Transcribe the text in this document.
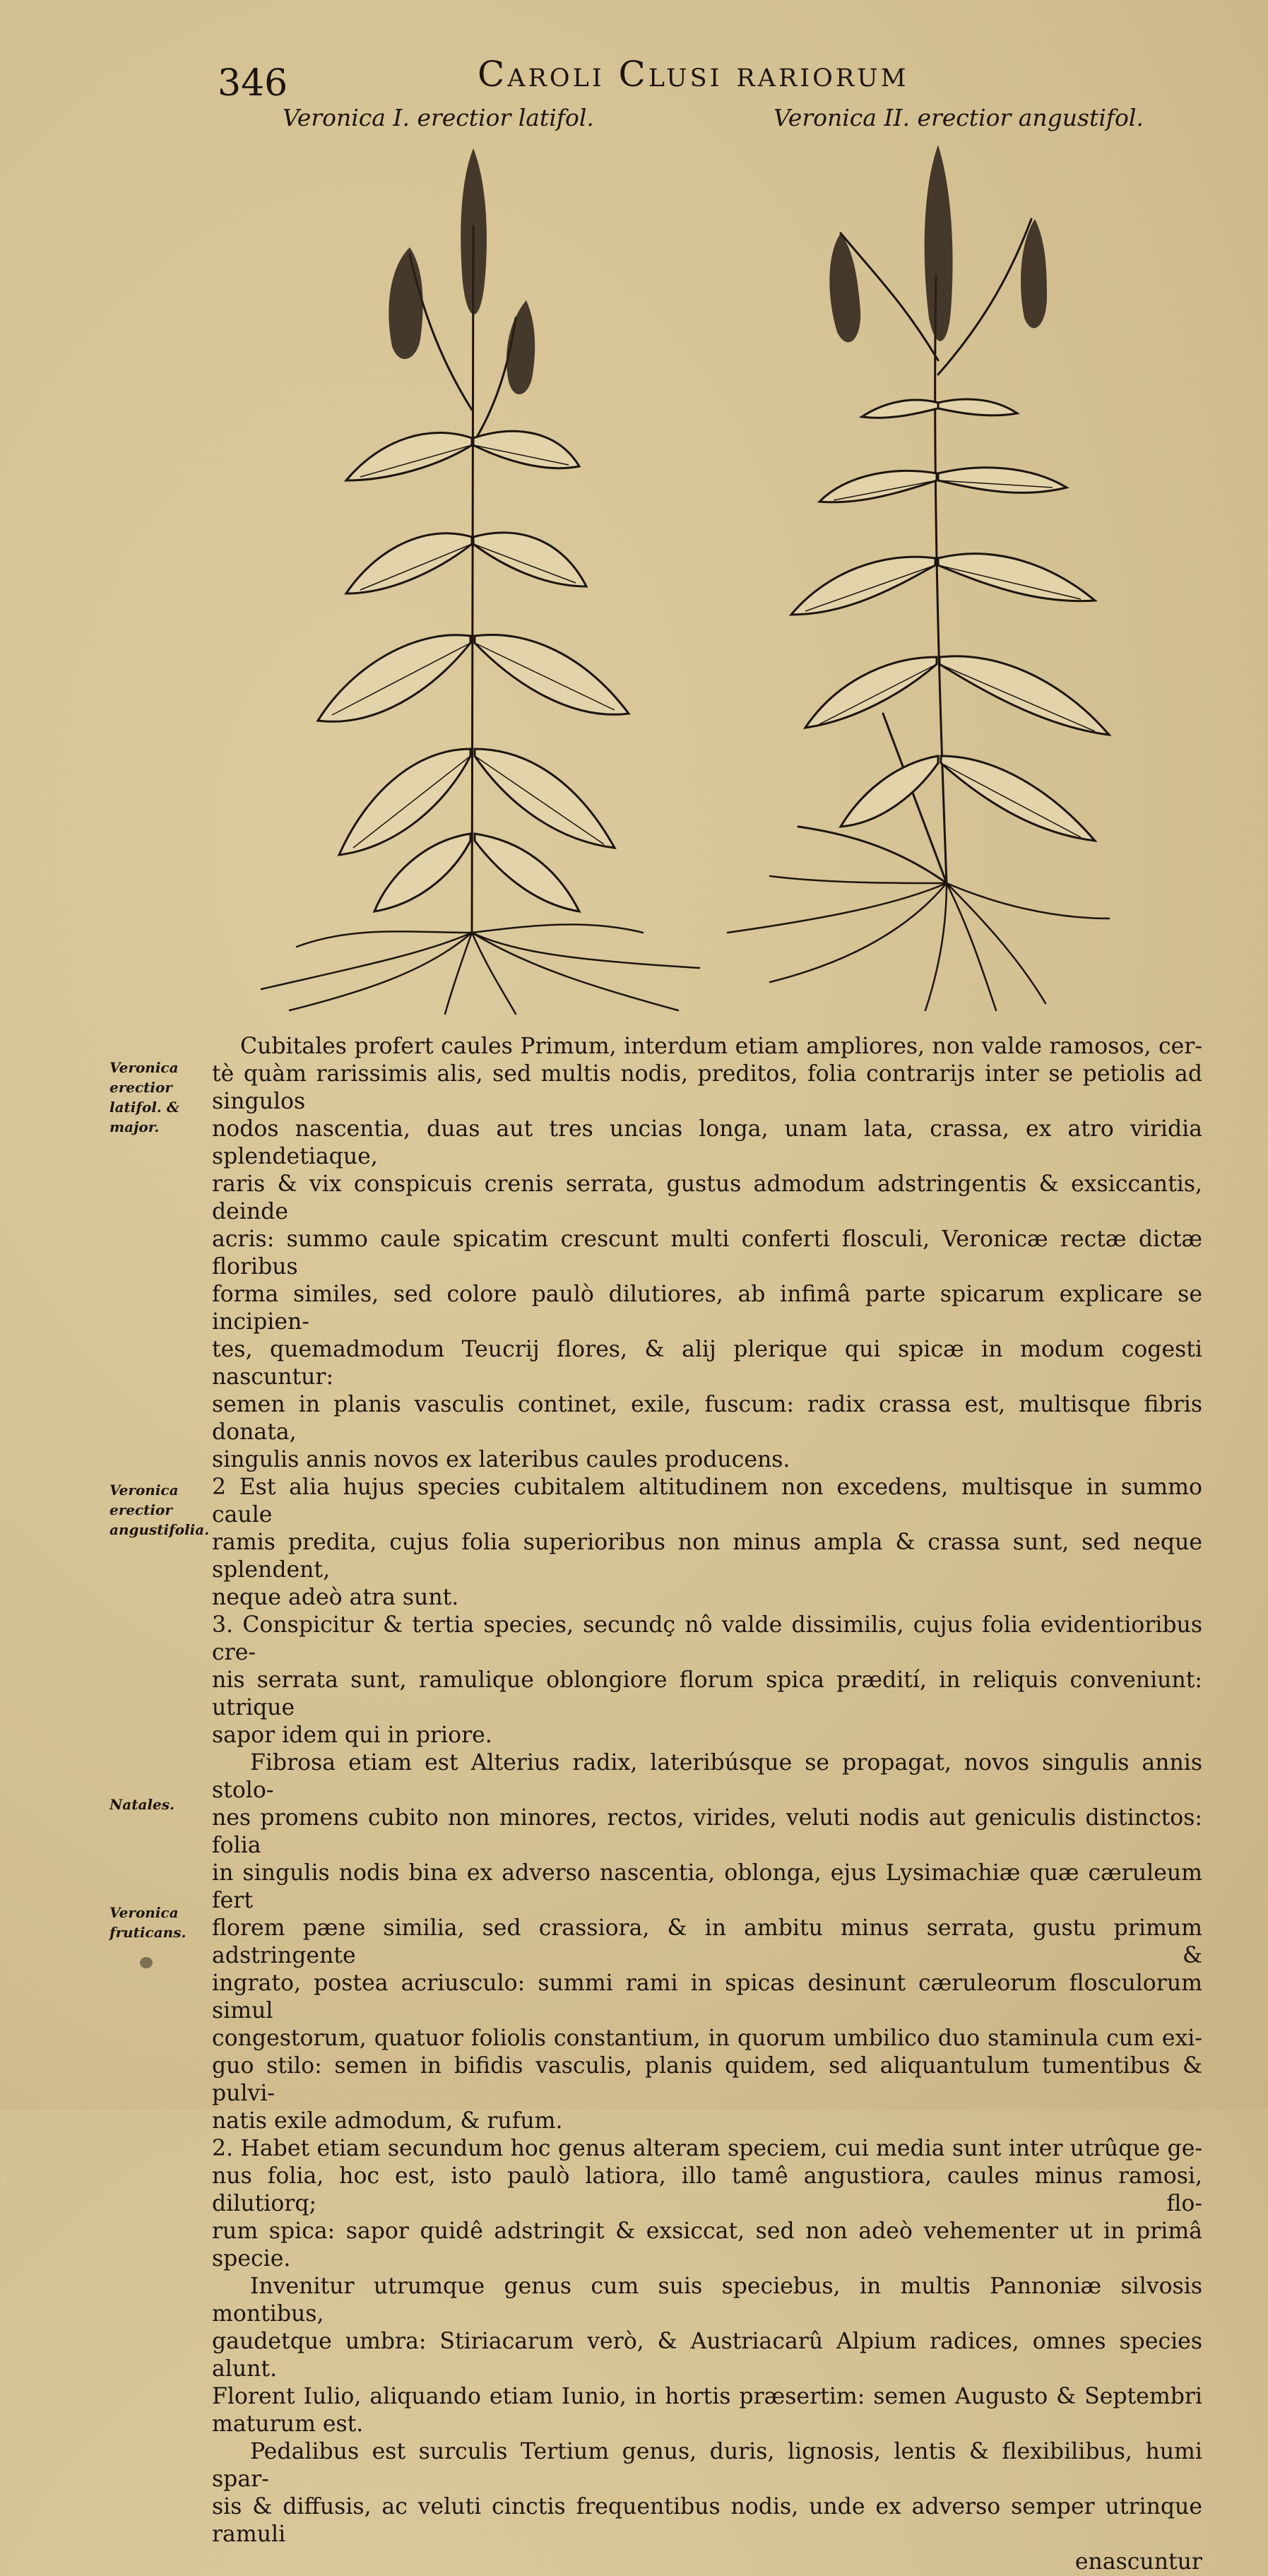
346	Caroli Clusi rariorum
Veronica I. erectior latifol.	Veronica II. erectior angustifol.
Veronica erectior latifol. & major.
Veronica erectior angustifolia.
Natales.
Veronica fruticans.

Cubitales profert caules Primum, interdum etiam ampliores, non valde ramosos, cer-

tè quàm rarissimis alis, sed multis nodis, preditos, folia contrarijs inter se petiolis ad singulos

nodos nascentia, duas aut tres uncias longa, unam lata, crassa, ex atro viridia splendetiaque,

raris & vix conspicuis crenis serrata, gustus admodum adstringentis & exsiccantis, deinde

acris: summo caule spicatim crescunt multi conferti flosculi, Veronicæ rectæ dictæ floribus

forma similes, sed colore paulò dilutiores, ab infimâ parte spicarum explicare se incipien-

tes, quemadmodum Teucrij flores, & alij plerique qui spicæ in modum cogesti nascuntur:

semen in planis vasculis continet, exile, fuscum: radix crassa est, multisque fibris donata,

singulis annis novos ex lateribus caules producens.

2 Est alia hujus species cubitalem altitudinem non excedens, multisque in summo caule

ramis predita, cujus folia superioribus non minus ampla & crassa sunt, sed neque splendent,

neque adeò atra sunt.

3. Conspicitur & tertia species, secundç nô valde dissimilis, cujus folia evidentioribus cre-

nis serrata sunt, ramulique oblongiore florum spica prædití, in reliquis conveniunt: utrique

sapor idem qui in priore.

Fibrosa etiam est Alterius radix, lateribúsque se propagat, novos singulis annis stolo-

nes promens cubito non minores, rectos, virides, veluti nodis aut geniculis distinctos: folia

in singulis nodis bina ex adverso nascentia, oblonga, ejus Lysimachiæ quæ cæruleum fert

florem pæne similia, sed crassiora, & in ambitu minus serrata, gustu primum adstringente &

ingrato, postea acriusculo: summi rami in spicas desinunt cæruleorum flosculorum simul

congestorum, quatuor foliolis constantium, in quorum umbilico duo staminula cum exi-

guo stilo: semen in bifidis vasculis, planis quidem, sed aliquantulum tumentibus & pulvi-

natis exile admodum, & rufum.

2. Habet etiam secundum hoc genus alteram speciem, cui media sunt inter utrûque ge-

nus folia, hoc est, isto paulò latiora, illo tamê angustiora, caules minus ramosi, dilutiorq; flo-

rum spica: sapor quidê adstringit & exsiccat, sed non adeò vehementer ut in primâ specie.

Invenitur utrumque genus cum suis speciebus, in multis Pannoniæ silvosis montibus,

gaudetque umbra: Stiriacarum verò, & Austriacarû Alpium radices, omnes species alunt.

Florent Iulio, aliquando etiam Iunio, in hortis præsertim: semen Augusto & Septembri

maturum est.

Pedalibus est surculis Tertium genus, duris, lignosis, lentis & flexibilibus, humi spar-

sis & diffusis, ac veluti cinctis frequentibus nodis, unde ex adverso semper utrinque ramuli

enascuntur
